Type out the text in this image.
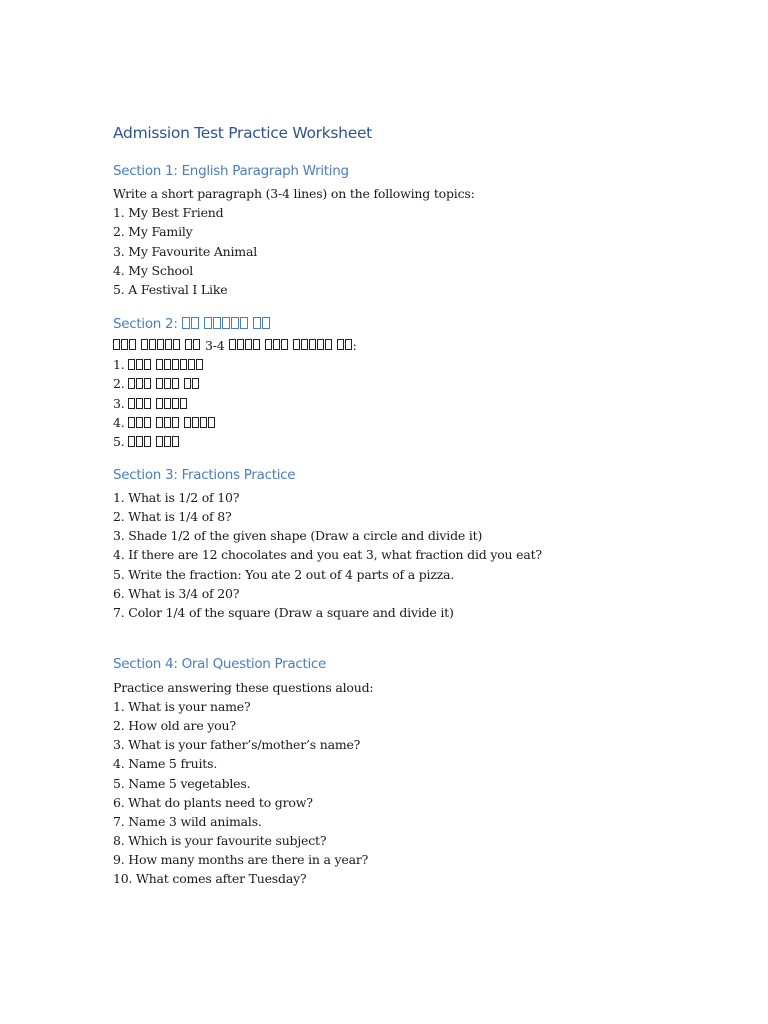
Admission Test Practice Worksheet
Section 1: English Paragraph Writing
Write a short paragraph (3-4 lines) on the following topics:
1. My Best Friend
2. My Family
3. My Favourite Animal
4. My School
5. A Festival I Like
Section 2:
3-4	:
1.
2.
3.
4.
5.
Section 3: Fractions Practice
1. What is 1/2 of 10?
2. What is 1/4 of 8?
3. Shade 1/2 of the given shape (Draw a circle and divide it)
4. If there are 12 chocolates and you eat 3, what fraction did you eat?
5. Write the fraction: You ate 2 out of 4 parts of a pizza.
6. What is 3/4 of 20?
7. Color 1/4 of the square (Draw a square and divide it)
Section 4: Oral Question Practice
Practice answering these questions aloud:
1. What is your name?
2. How old are you?
3. What is your father’s/mother’s name?
4. Name 5 fruits.
5. Name 5 vegetables.
6. What do plants need to grow?
7. Name 3 wild animals.
8. Which is your favourite subject?
9. How many months are there in a year?
10. What comes after Tuesday?
